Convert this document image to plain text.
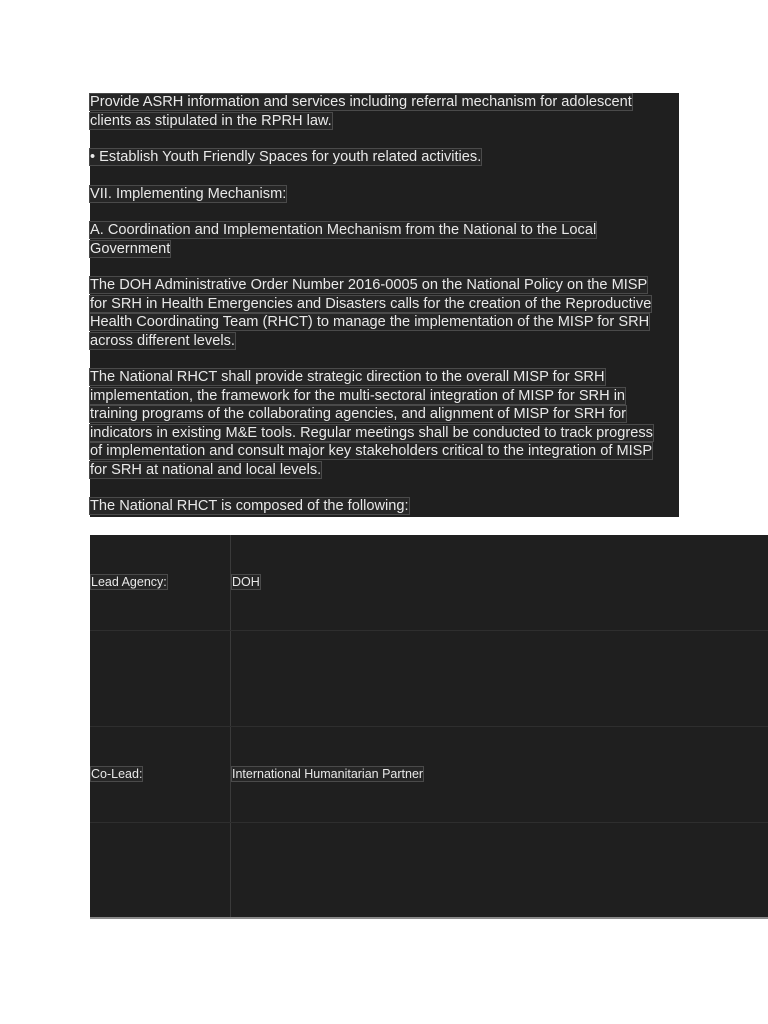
Provide ASRH information and services including referral mechanism for adolescent
clients as stipulated in the RPRH law.
• Establish Youth Friendly Spaces for youth related activities.
VII. Implementing Mechanism:
A. Coordination and Implementation Mechanism from the National to the Local
Government
The DOH Administrative Order Number 2016-0005 on the National Policy on the MISP
for SRH in Health Emergencies and Disasters calls for the creation of the Reproductive
Health Coordinating Team (RHCT) to manage the implementation of the MISP for SRH
across different levels.
The National RHCT shall provide strategic direction to the overall MISP for SRH
implementation, the framework for the multi-sectoral integration of MISP for SRH in
training programs of the collaborating agencies, and alignment of MISP for SRH for
indicators in existing M&E tools. Regular meetings shall be conducted to track progress
of implementation and consult major key stakeholders critical to the integration of MISP
for SRH at national and local levels.
The National RHCT is composed of the following:
Lead Agency:	DOH
Co-Lead:	International Humanitarian Partner
